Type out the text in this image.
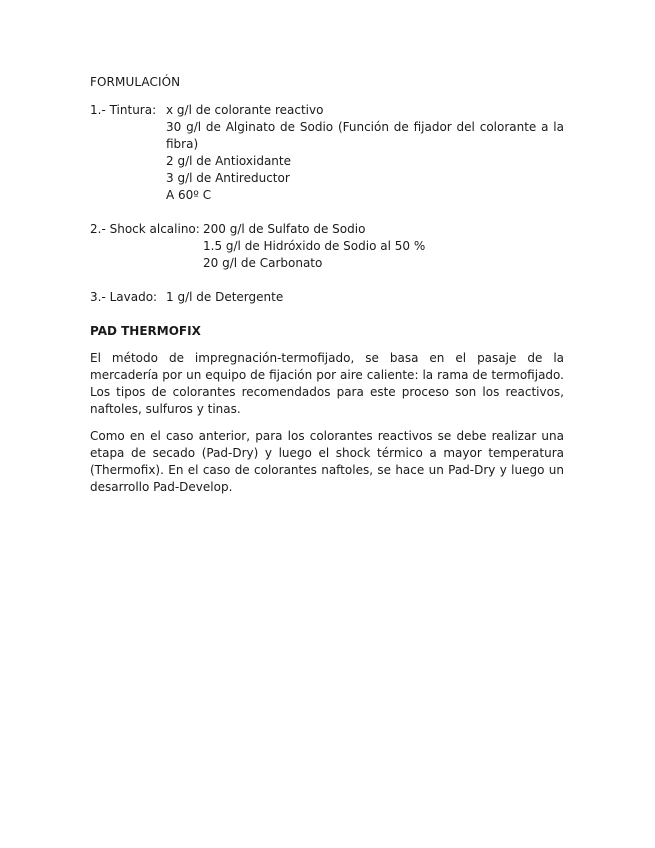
FORMULACIÓN
1.- Tintura: x g/l de colorante reactivo
30 g/l de Alginato de Sodio (Función de fijador del colorante a la fibra)
2 g/l de Antioxidante
3 g/l de Antireductor
A 60º C
2.- Shock alcalino: 200 g/l de Sulfato de Sodio
1.5 g/l de Hidróxido de Sodio al 50 %
20 g/l de Carbonato
3.- Lavado: 1 g/l de Detergente
PAD THERMOFIX

El método de impregnación-termofijado, se basa en el pasaje de la mercadería por un equipo de fijación por aire caliente: la rama de termofijado. Los tipos de colorantes recomendados para este proceso son los reactivos, naftoles, sulfuros y tinas.

Como en el caso anterior, para los colorantes reactivos se debe realizar una etapa de secado (Pad-Dry) y luego el shock térmico a mayor temperatura (Thermofix). En el caso de colorantes naftoles, se hace un Pad-Dry y luego un desarrollo Pad-Develop.
